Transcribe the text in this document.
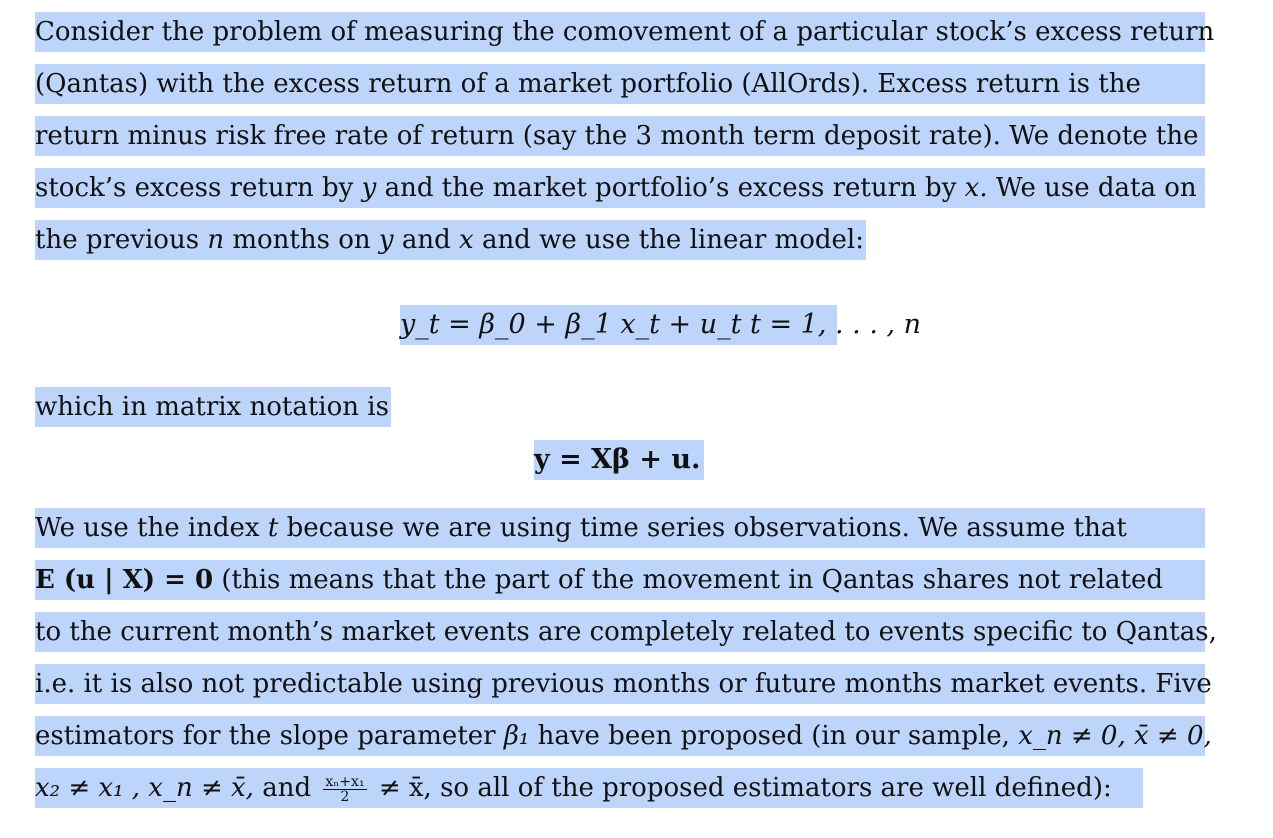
Consider the problem of measuring the comovement of a particular stock’s excess return
(Qantas) with the excess return of a market portfolio (AllOrds). Excess return is the
return minus risk free rate of return (say the 3 month term deposit rate). We denote the
stock’s excess return by y and the market portfolio’s excess return by x. We use data on
the previous n months on y and x and we use the linear model:
y_t = β_0 + β_1 x_t + u_t t = 1, . . . , n
which in matrix notation is
y = Xβ + u.
We use the index t because we are using time series observations. We assume that
E (u | X) = 0 (this means that the part of the movement in Qantas shares not related
to the current month’s market events are completely related to events specific to Qantas,
i.e. it is also not predictable using previous months or future months market events. Five
estimators for the slope parameter β₁ have been proposed (in our sample, x_n ≠ 0, x̄ ≠ 0,
x₂ ≠ x₁ , x_n ≠ x̄, and $\frac{\text{xₙ+x₁}}{2}$ ≠ x̄, so all of the proposed estimators are well defined):
